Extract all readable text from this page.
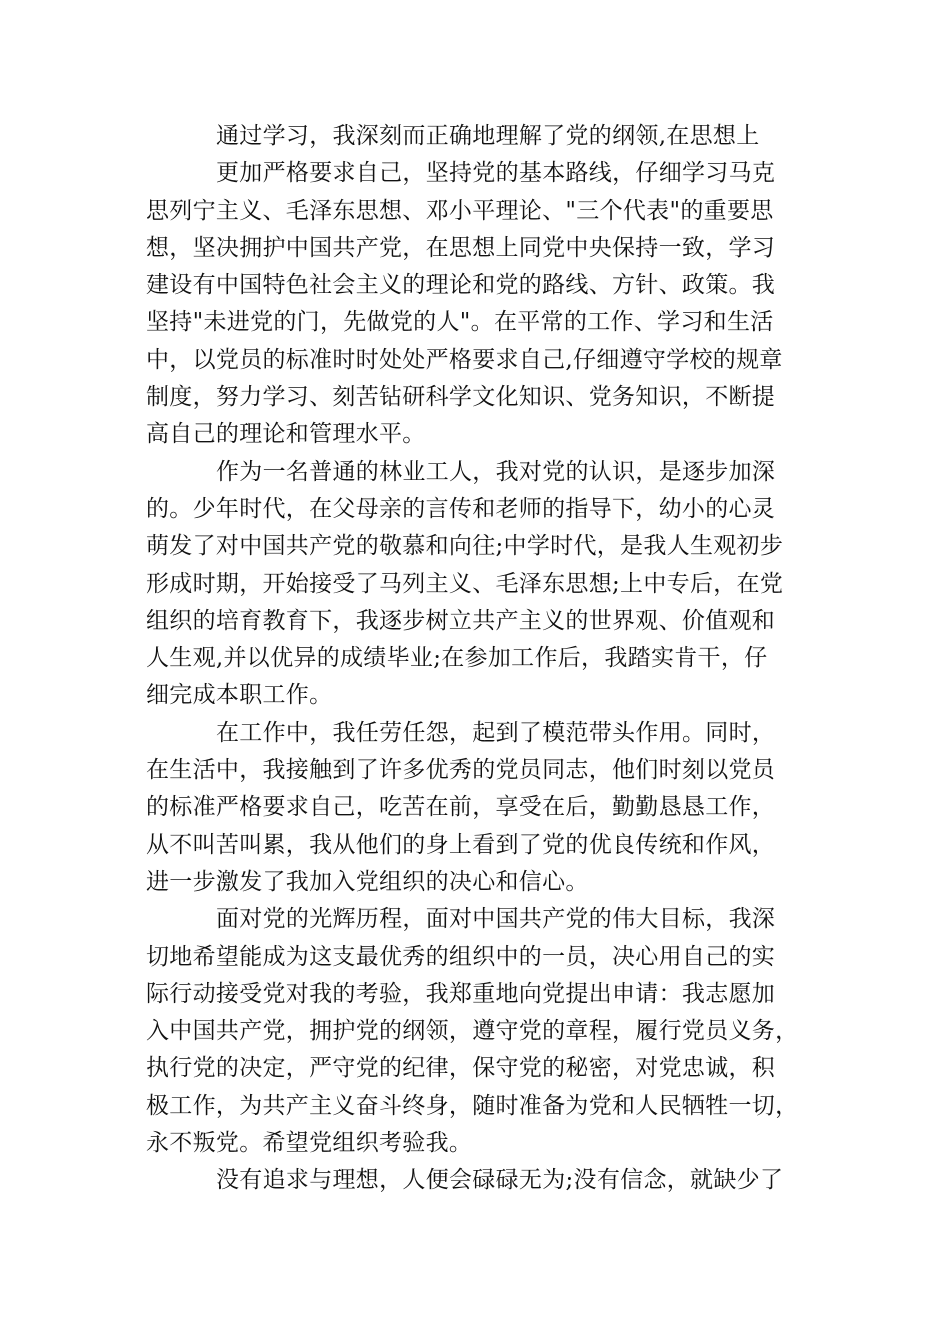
通过学习，我深刻而正确地理解了党的纲领,在思想上
更加严格要求自己，坚持党的基本路线，仔细学习马克
思列宁主义、毛泽东思想、邓小平理论、"三个代表"的重要思
想，坚决拥护中国共产党，在思想上同党中央保持一致，学习
建设有中国特色社会主义的理论和党的路线、方针、政策。我
坚持"未进党的门，先做党的人"。在平常的工作、学习和生活
中，以党员的标准时时处处严格要求自己,仔细遵守学校的规章
制度，努力学习、刻苦钻研科学文化知识、党务知识，不断提
高自己的理论和管理水平。
作为一名普通的林业工人，我对党的认识，是逐步加深
的。少年时代，在父母亲的言传和老师的指导下，幼小的心灵
萌发了对中国共产党的敬慕和向往;中学时代，是我人生观初步
形成时期，开始接受了马列主义、毛泽东思想;上中专后，在党
组织的培育教育下，我逐步树立共产主义的世界观、价值观和
人生观,并以优异的成绩毕业;在参加工作后，我踏实肯干，仔
细完成本职工作。
在工作中，我任劳任怨，起到了模范带头作用。同时，
在生活中，我接触到了许多优秀的党员同志，他们时刻以党员
的标准严格要求自己，吃苦在前，享受在后，勤勤恳恳工作，
从不叫苦叫累，我从他们的身上看到了党的优良传统和作风，
进一步激发了我加入党组织的决心和信心。
面对党的光辉历程，面对中国共产党的伟大目标，我深
切地希望能成为这支最优秀的组织中的一员，决心用自己的实
际行动接受党对我的考验，我郑重地向党提出申请：我志愿加
入中国共产党，拥护党的纲领，遵守党的章程，履行党员义务，
执行党的决定，严守党的纪律，保守党的秘密，对党忠诚，积
极工作，为共产主义奋斗终身，随时准备为党和人民牺牲一切，
永不叛党。希望党组织考验我。
没有追求与理想，人便会碌碌无为;没有信念，就缺少了
